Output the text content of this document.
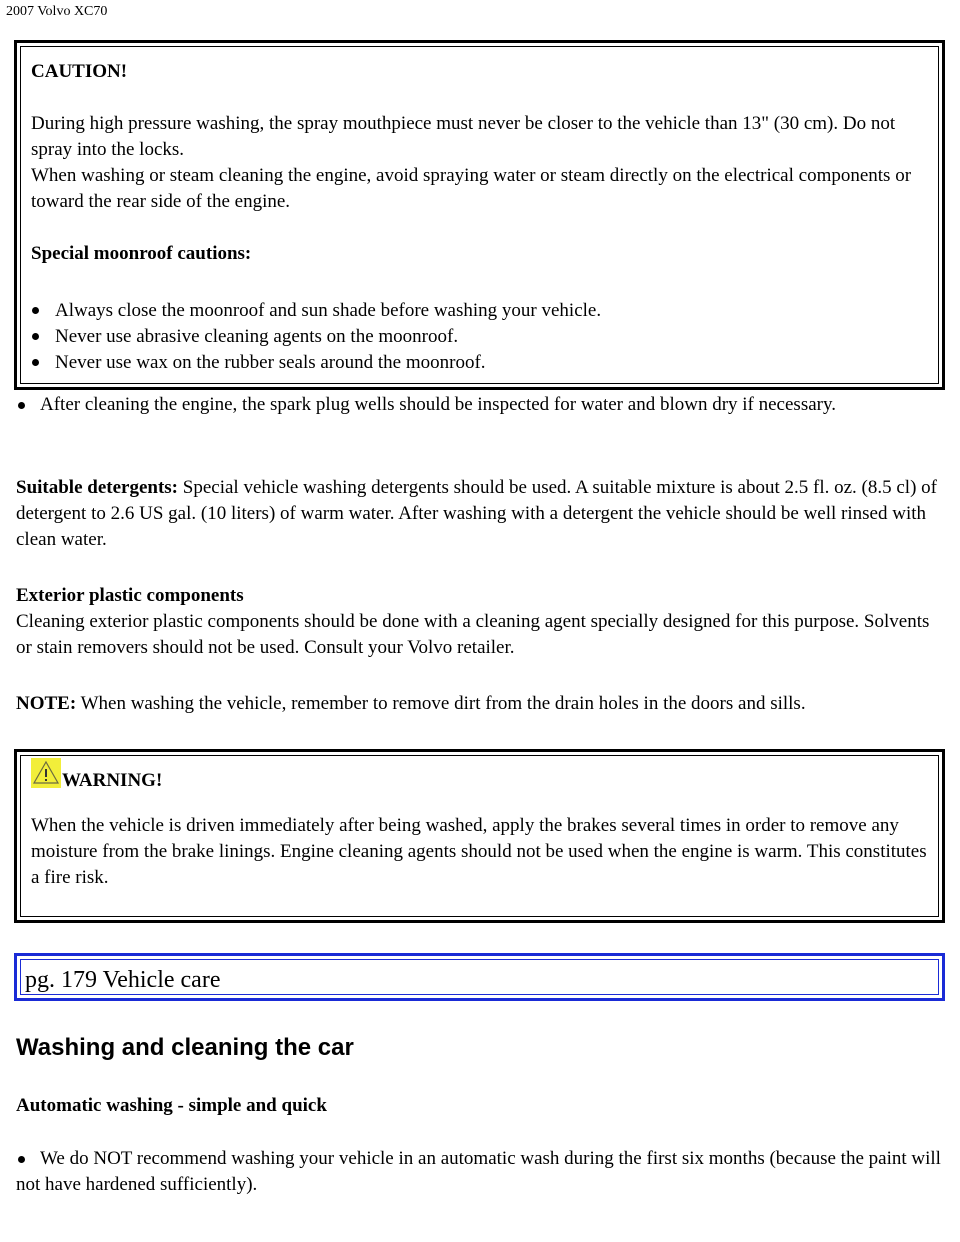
2007 Volvo XC70

CAUTION!

During high pressure washing, the spray mouthpiece must never be closer to the vehicle than 13" (30 cm). Do not spray into the locks.

When washing or steam cleaning the engine, avoid spraying water or steam directly on the electrical components or toward the rear side of the engine.

Special moonroof cautions:

Always close the moonroof and sun shade before washing your vehicle.
Never use abrasive cleaning agents on the moonroof.
Never use wax on the rubber seals around the moonroof.
After cleaning the engine, the spark plug wells should be inspected for water and blown dry if necessary.
Suitable detergents: Special vehicle washing detergents should be used. A suitable mixture is about 2.5 fl. oz. (8.5 cl) of detergent to 2.6 US gal. (10 liters) of warm water. After washing with a detergent the vehicle should be well rinsed with clean water.
Exterior plastic components
Cleaning exterior plastic components should be done with a cleaning agent specially designed for this purpose. Solvents or stain removers should not be used. Consult your Volvo retailer.
NOTE: When washing the vehicle, remember to remove dirt from the drain holes in the doors and sills.

WARNING!

When the vehicle is driven immediately after being washed, apply the brakes several times in order to remove any moisture from the brake linings. Engine cleaning agents should not be used when the engine is warm. This constitutes a fire risk.

pg. 179 Vehicle care
Washing and cleaning the car
Automatic washing - simple and quick
We do NOT recommend washing your vehicle in an automatic wash during the first six months (because the paint will not have hardened sufficiently).
